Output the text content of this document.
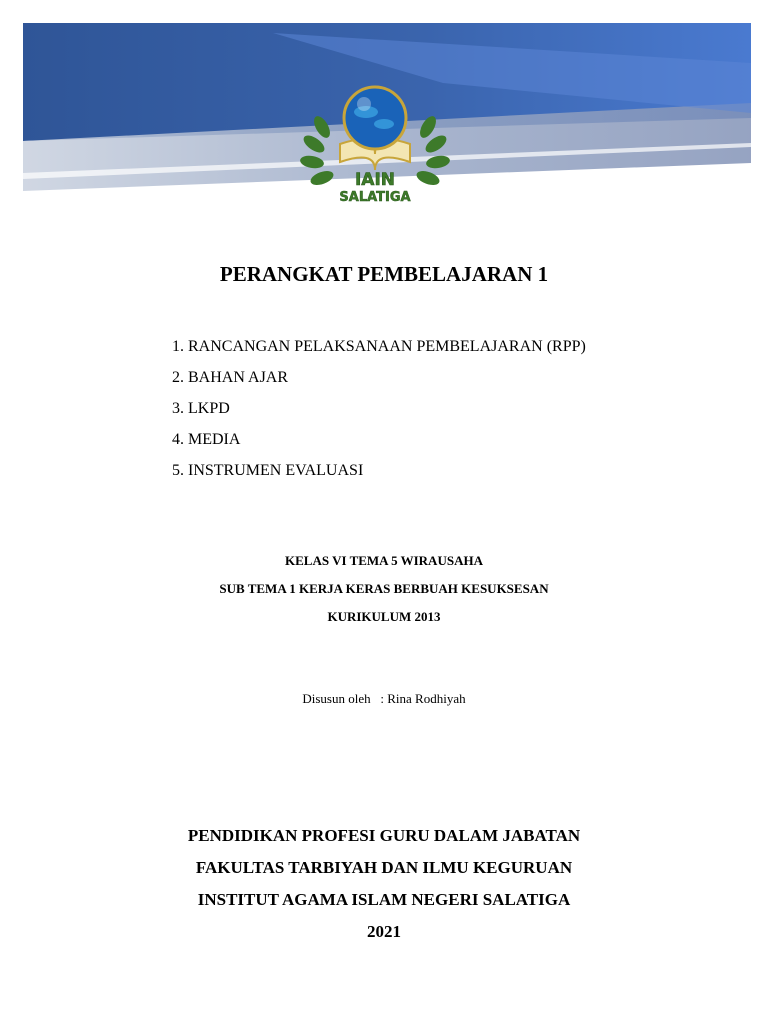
IAIN
SALATIGA
PERANGKAT PEMBELAJARAN 1
1. RANCANGAN PELAKSANAAN PEMBELAJARAN (RPP)
2. BAHAN AJAR
3. LKPD
4. MEDIA
5. INSTRUMEN EVALUASI
KELAS VI TEMA 5 WIRAUSAHA
SUB TEMA 1 KERJA KERAS BERBUAH KESUKSESAN
KURIKULUM 2013
Disusun oleh : Rina Rodhiyah
PENDIDIKAN PROFESI GURU DALAM JABATAN
FAKULTAS TARBIYAH DAN ILMU KEGURUAN
INSTITUT AGAMA ISLAM NEGERI SALATIGA
2021
